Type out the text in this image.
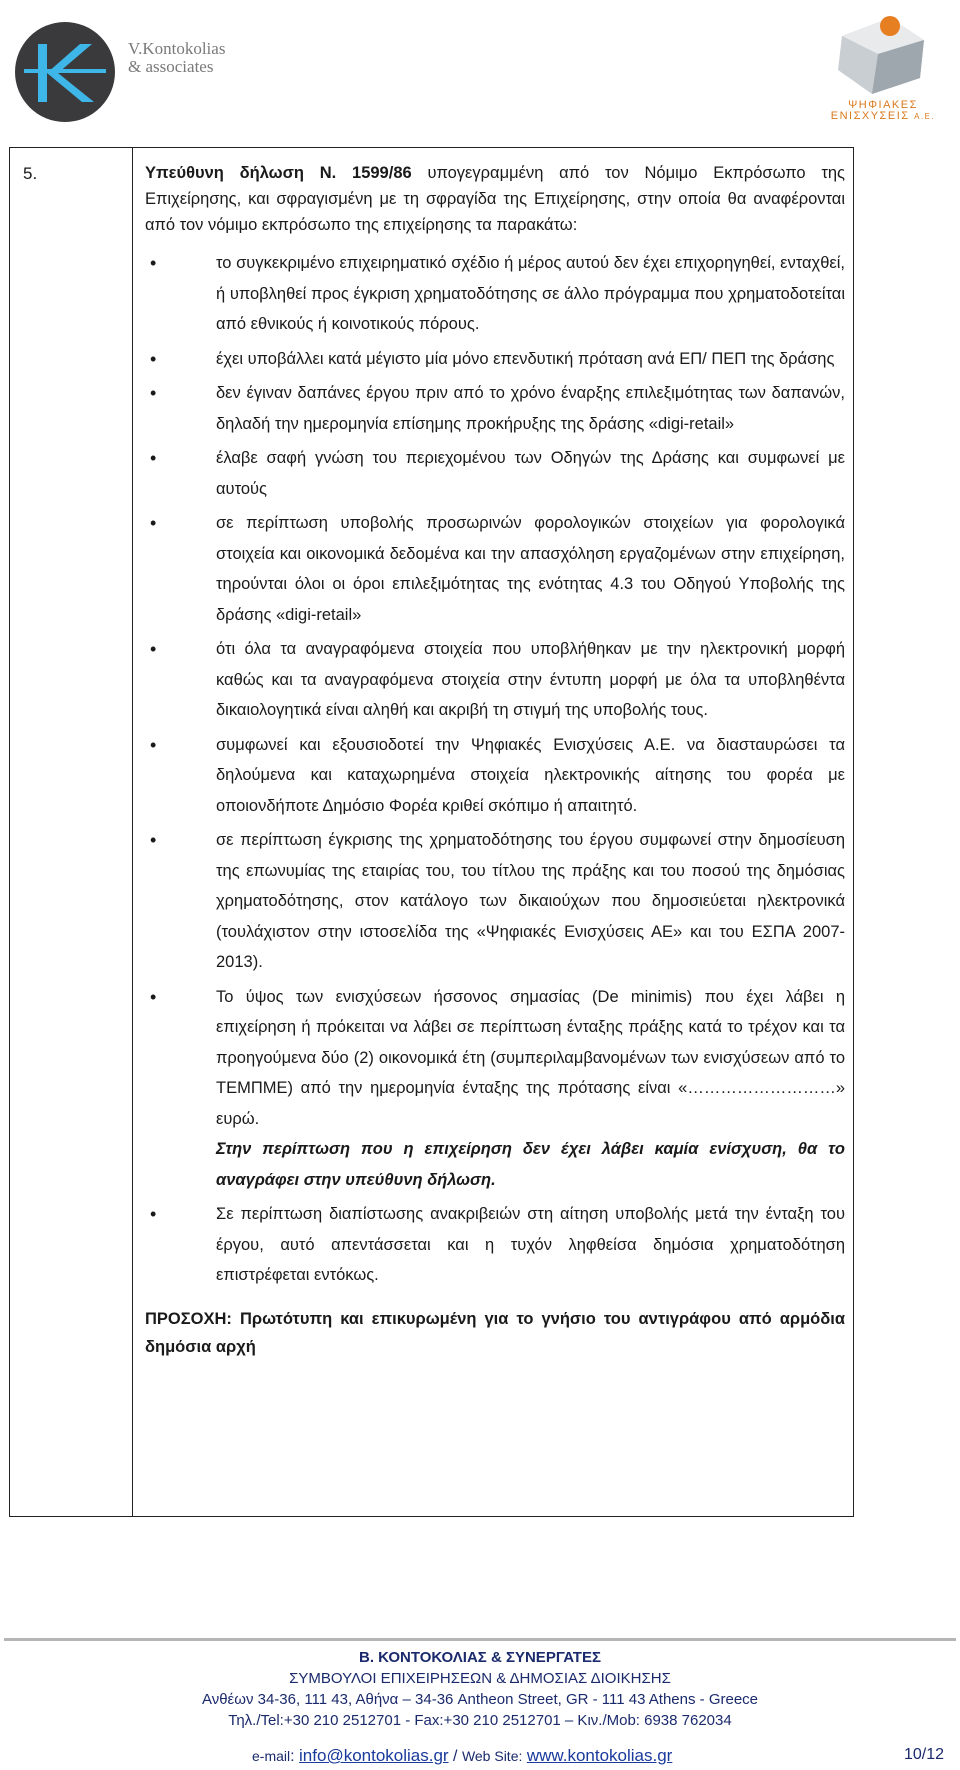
V.Kontokolias
& associates
ΨΗΦΙΑΚΕΣ
ΕΝΙΣΧΥΣΕΙΣ Α.Ε.
5.	Υπεύθυνη δήλωση Ν. 1599/86 υπογεγραμμένη από τον Νόμιμο Εκπρόσωπο της Επιχείρησης, και σφραγισμένη με τη σφραγίδα της Επιχείρησης, στην οποία θα αναφέρονται από τον νόμιμο εκπρόσωπο της επιχείρησης τα παρακάτω:

•	το συγκεκριμένο επιχειρηματικό σχέδιο ή μέρος αυτού δεν έχει επιχορηγηθεί, ενταχθεί, ή υποβληθεί προς έγκριση χρηματοδότησης σε άλλο πρόγραμμα που χρηματοδοτείται από εθνικούς ή κοινοτικούς πόρους.
•	έχει υποβάλλει κατά μέγιστο μία μόνο επενδυτική πρόταση ανά ΕΠ/ ΠΕΠ της δράσης
•	δεν έγιναν δαπάνες έργου πριν από το χρόνο έναρξης επιλεξιμότητας των δαπανών, δηλαδή την ημερομηνία επίσημης προκήρυξης της δράσης «digi-retail»
•	έλαβε σαφή γνώση του περιεχομένου των Οδηγών της Δράσης και συμφωνεί με αυτούς
•	σε περίπτωση υποβολής προσωρινών φορολογικών στοιχείων για φορολογικά στοιχεία και οικονομικά δεδομένα και την απασχόληση εργαζομένων στην επιχείρηση, τηρούνται όλοι οι όροι επιλεξιμότητας της ενότητας 4.3 του Οδηγού Υποβολής της δράσης «digi-retail»
•	ότι όλα τα αναγραφόμενα στοιχεία που υποβλήθηκαν με την ηλεκτρονική μορφή καθώς και τα αναγραφόμενα στοιχεία στην έντυπη μορφή με όλα τα υποβληθέντα δικαιολογητικά είναι αληθή και ακριβή τη στιγμή της υποβολής τους.
•	συμφωνεί και εξουσιοδοτεί την Ψηφιακές Ενισχύσεις Α.Ε. να διασταυρώσει τα δηλούμενα και καταχωρημένα στοιχεία ηλεκτρονικής αίτησης του φορέα με οποιονδήποτε Δημόσιο Φορέα κριθεί σκόπιμο ή απαιτητό.
•	σε περίπτωση έγκρισης της χρηματοδότησης του έργου συμφωνεί στην δημοσίευση της επωνυμίας της εταιρίας του, του τίτλου της πράξης και του ποσού της δημόσιας χρηματοδότησης, στον κατάλογο των δικαιούχων που δημοσιεύεται ηλεκτρονικά (τουλάχιστον στην ιστοσελίδα της «Ψηφιακές Ενισχύσεις ΑΕ» και του ΕΣΠΑ 2007-2013).
•	Το ύψος των ενισχύσεων ήσσονος σημασίας (De minimis) που έχει λάβει η επιχείρηση ή πρόκειται να λάβει σε περίπτωση ένταξης πράξης κατά το τρέχον και τα προηγούμενα δύο (2) οικονομικά έτη (συμπεριλαμβανομένων των ενισχύσεων από το ΤΕΜΠΜΕ) από την ημερομηνία ένταξης της πρότασης είναι «………………………» ευρώ.
Στην περίπτωση που η επιχείρηση δεν έχει λάβει καμία ενίσχυση, θα το αναγράφει στην υπεύθυνη δήλωση.
•	Σε περίπτωση διαπίστωσης ανακριβειών στη αίτηση υποβολής μετά την ένταξη του έργου, αυτό απεντάσσεται και η τυχόν ληφθείσα δημόσια χρηματοδότηση επιστρέφεται εντόκως.

ΠΡΟΣΟΧΗ: Πρωτότυπη και επικυρωμένη για το γνήσιο του αντιγράφου από αρμόδια δημόσια αρχή

Β. ΚΟΝΤΟΚΟΛΙΑΣ & ΣΥΝΕΡΓΑΤΕΣ
ΣΥΜΒΟΥΛΟΙ ΕΠΙΧΕΙΡΗΣΕΩΝ & ΔΗΜΟΣΙΑΣ ΔΙΟΙΚΗΣΗΣ
Ανθέων 34-36, 111 43, Αθήνα – 34-36 Antheon Street, GR - 111 43 Athens - Greece
Τηλ./Tel:+30 210 2512701 - Fax:+30 210 2512701 – Κιν./Mob: 6938 762034
e-mail: info@kontokolias.gr / Web Site: www.kontokolias.gr	10/12
